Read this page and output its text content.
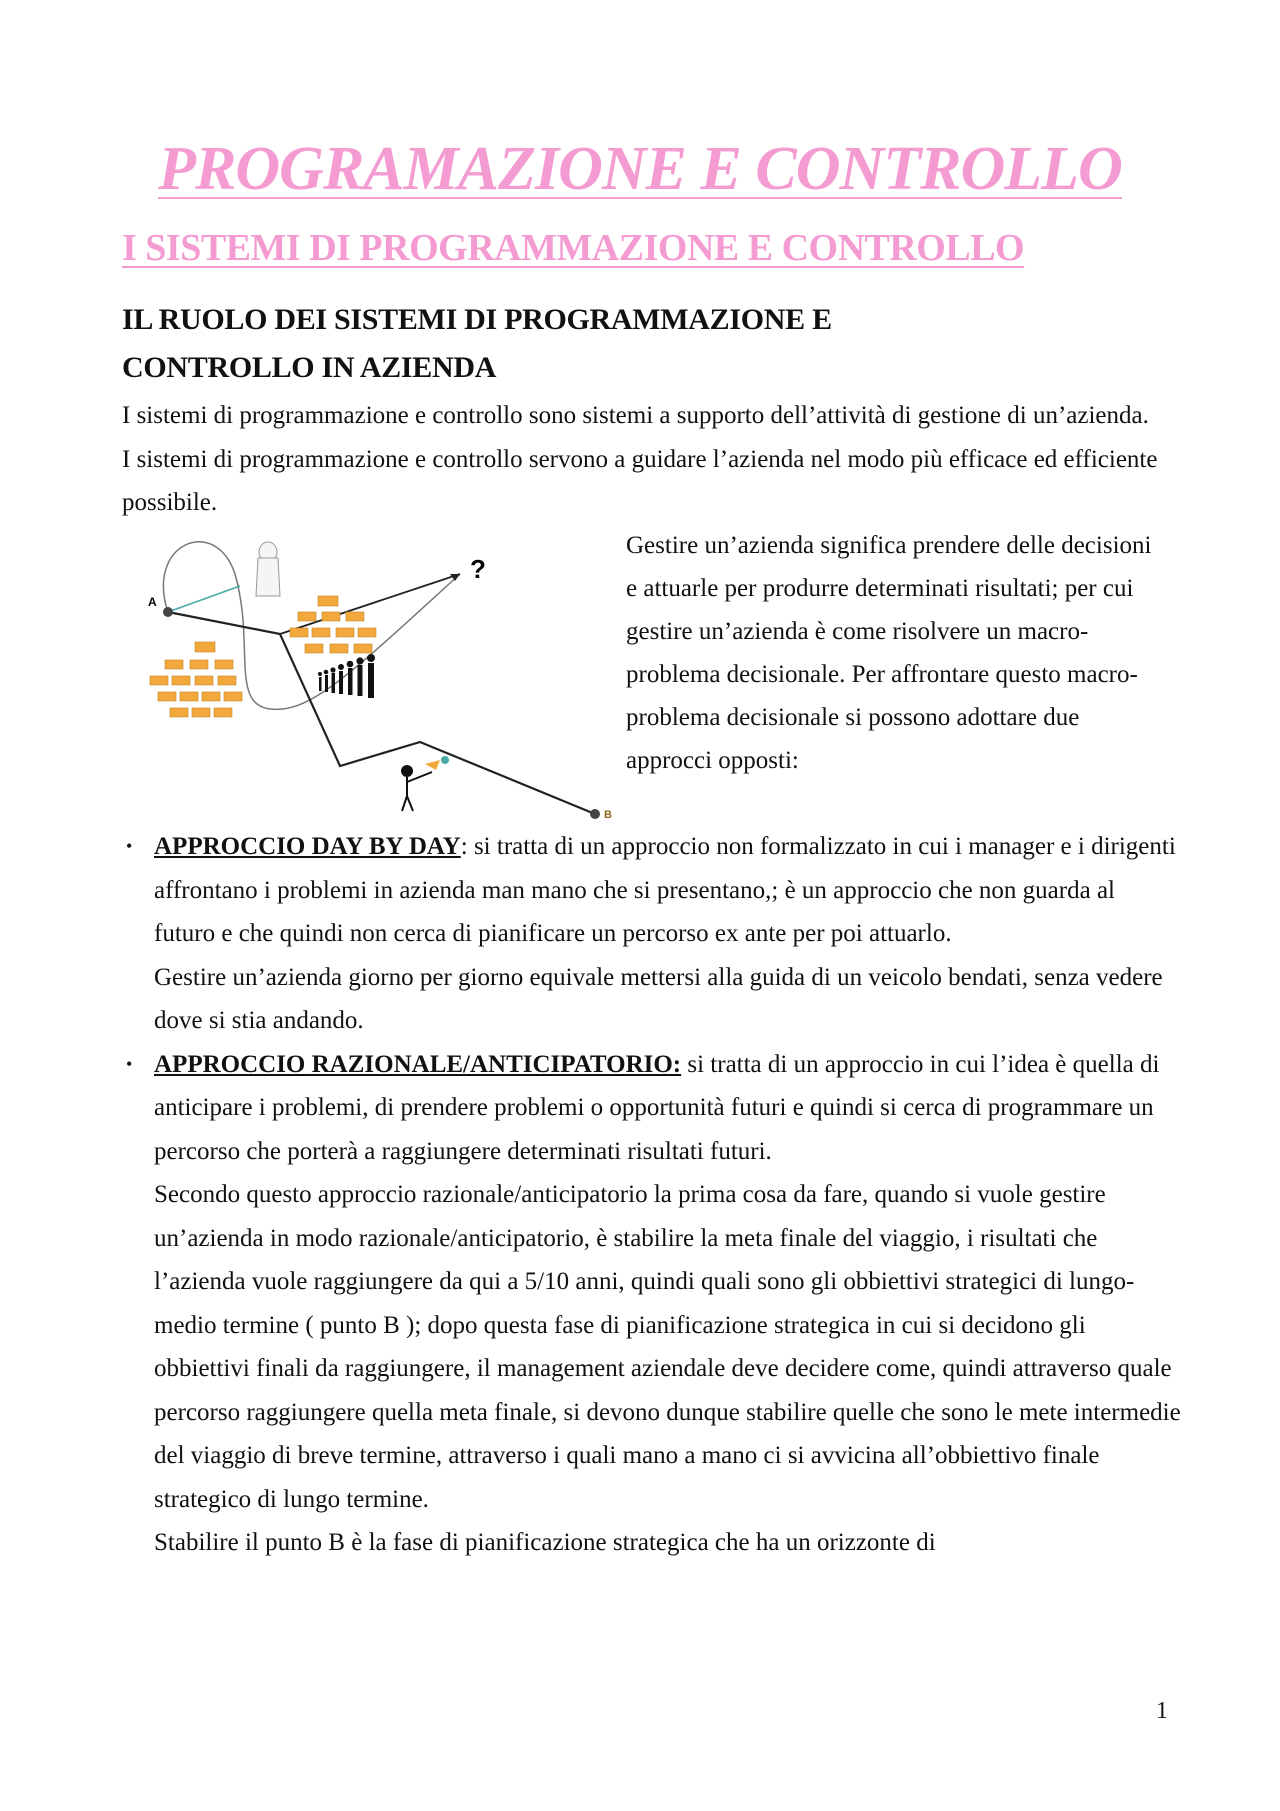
PROGRAMAZIONE E CONTROLLO
I SISTEMI DI PROGRAMMAZIONE E CONTROLLO
IL RUOLO DEI SISTEMI DI PROGRAMMAZIONE E CONTROLLO IN AZIENDA
I sistemi di programmazione e controllo sono sistemi a supporto dell’attività di gestione di un’azienda. I sistemi di programmazione e controllo servono a guidare l’azienda nel modo più efficace ed efficiente possibile.
A
B
?
Gestire un’azienda significa prendere delle decisioni e attuarle per produrre determinati risultati; per cui gestire un’azienda è come risolvere un macro-problema decisionale. Per affrontare questo macro-problema decisionale si possono adottare due approcci opposti:
• APPROCCIO DAY BY DAY: si tratta di un approccio non formalizzato in cui i manager e i dirigenti affrontano i problemi in azienda man mano che si presentano,; è un approccio che non guarda al futuro e che quindi non cerca di pianificare un percorso ex ante per poi attuarlo.

Gestire un’azienda giorno per giorno equivale mettersi alla guida di un veicolo bendati, senza vedere dove si stia andando.

• APPROCCIO RAZIONALE/ANTICIPATORIO: si tratta di un approccio in cui l’idea è quella di anticipare i problemi, di prendere problemi o opportunità futuri e quindi si cerca di programmare un percorso che porterà a raggiungere determinati risultati futuri.

Secondo questo approccio razionale/anticipatorio la prima cosa da fare, quando si vuole gestire un’azienda in modo razionale/anticipatorio, è stabilire la meta finale del viaggio, i risultati che l’azienda vuole raggiungere da qui a 5/10 anni, quindi quali sono gli obbiettivi strategici di lungo-medio termine ( punto B ); dopo questa fase di pianificazione strategica in cui si decidono gli obbiettivi finali da raggiungere, il management aziendale deve decidere come, quindi attraverso quale percorso raggiungere quella meta finale, si devono dunque stabilire quelle che sono le mete intermedie del viaggio di breve termine, attraverso i quali mano a mano ci si avvicina all’obbiettivo finale strategico di lungo termine.

Stabilire il punto B è la fase di pianificazione strategica che ha un orizzonte di

1
